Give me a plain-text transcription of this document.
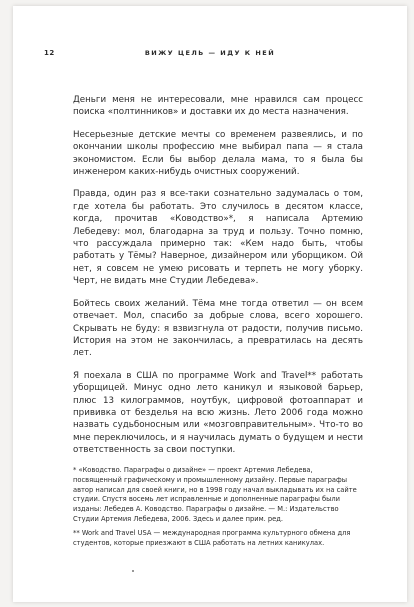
12	ВИЖУ ЦЕЛЬ — ИДУ К НЕЙ

Деньги меня не интересовали, мне нравился сам процесс поиска «полтинников» и доставки их до места назначения.

Несерьезные детские мечты со временем развеялись, и по окончании школы профессию мне выбирал папа — я стала экономистом. Если бы выбор делала мама, то я была бы инженером каких-нибудь очистных сооружений.

Правда, один раз я все-таки сознательно задумалась о том, где хотела бы работать. Это случилось в десятом классе, когда, прочитав «Ководство»*, я написала Артемию Лебедеву: мол, благодарна за труд и пользу. Точно помню, что рассуждала примерно так: «Кем надо быть, чтобы работать у Тёмы? Наверное, дизайнером или уборщиком. Ой нет, я совсем не умею рисовать и терпеть не могу уборку. Черт, не видать мне Студии Лебедева».

Бойтесь своих желаний. Тёма мне тогда ответил — он всем отвечает. Мол, спасибо за добрые слова, всего хорошего. Скрывать не буду: я взвизгнула от радости, получив письмо. История на этом не закончилась, а превратилась на десять лет.

Я поехала в США по программе Work and Travel** работать уборщицей. Минус одно лето каникул и языковой барьер, плюс 13 килограммов, ноутбук, цифровой фотоаппарат и прививка от безделья на всю жизнь. Лето 2006 года можно назвать судьбоносным или «мозговправительным». Что-то во мне переключилось, и я научилась думать о будущем и нести ответственность за свои поступки.

* «Ководство. Параграфы о дизайне» — проект Артемия Лебедева, посвященный графическому и промышленному дизайну. Первые параграфы автор написал для своей книги, но в 1998 году начал выкладывать их на сайте студии. Спустя восемь лет исправленные и дополненные параграфы были изданы: Лебедев А. Ководство. Параграфы о дизайне. — М.: Издательство Студии Артемия Лебедева, 2006. Здесь и далее прим. ред.

** Work and Travel USA — международная программа культурного обмена для студентов, которые приезжают в США работать на летних каникулах.
